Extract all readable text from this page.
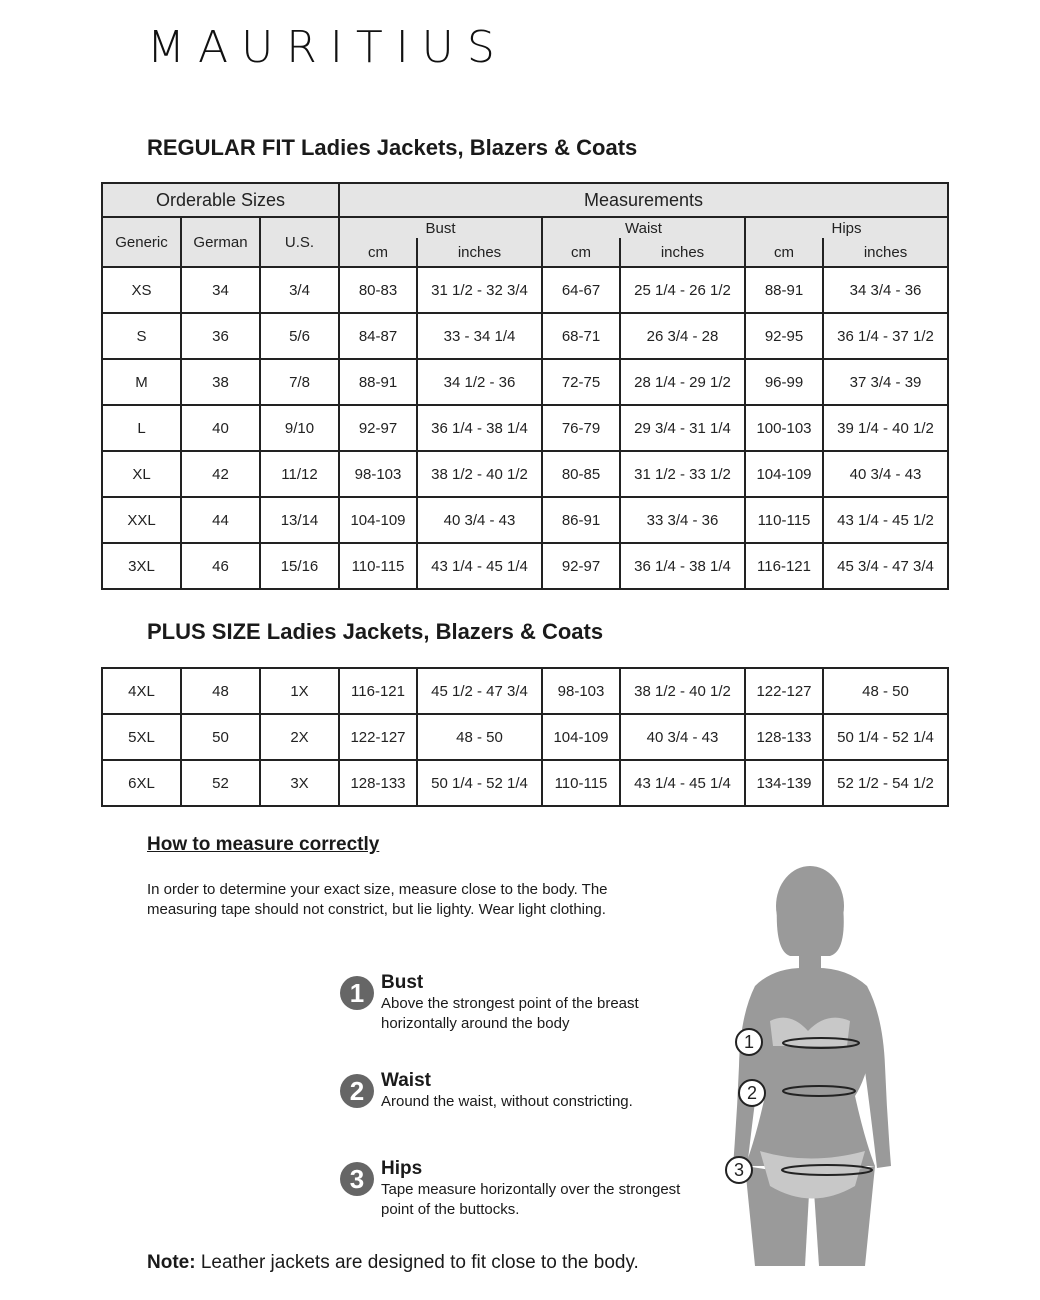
MAURITIUS
REGULAR FIT Ladies Jackets, Blazers & Coats
Orderable Sizes			Measurements					
Generic	German	U.S.	Bust		Waist		Hips	
			cm	inches	cm	inches	cm	inches
XS	34	3/4	80-83	31 1/2 - 32 3/4	64-67	25 1/4 - 26 1/2	88-91	34 3/4 - 36
S	36	5/6	84-87	33 - 34 1/4	68-71	26 3/4 - 28	92-95	36 1/4 - 37 1/2
M	38	7/8	88-91	34 1/2 - 36	72-75	28 1/4 - 29 1/2	96-99	37 3/4 - 39
L	40	9/10	92-97	36 1/4 - 38 1/4	76-79	29 3/4 - 31 1/4	100-103	39 1/4 - 40 1/2
XL	42	11/12	98-103	38 1/2 - 40 1/2	80-85	31 1/2 - 33 1/2	104-109	40 3/4 - 43
XXL	44	13/14	104-109	40 3/4 - 43	86-91	33 3/4 - 36	110-115	43 1/4 - 45 1/2
3XL	46	15/16	110-115	43 1/4 - 45 1/4	92-97	36 1/4 - 38 1/4	116-121	45 3/4 - 47 3/4
PLUS SIZE Ladies Jackets, Blazers & Coats
4XL	48	1X	116-121	45 1/2 - 47 3/4	98-103	38 1/2 - 40 1/2	122-127	48 - 50
5XL	50	2X	122-127	48 - 50	104-109	40 3/4 - 43	128-133	50 1/4 - 52 1/4
6XL	52	3X	128-133	50 1/4 - 52 1/4	110-115	43 1/4 - 45 1/4	134-139	52 1/2 - 54 1/2
How to measure correctly
In order to determine your exact size, measure close to the body. The measuring tape should not constrict, but lie lighty. Wear light clothing.
1 Bust
Above the strongest point of the breast horizontally around the body
2 Waist
Around the waist, without constricting.
3 Hips
Tape measure horizontally over the strongest point of the buttocks.
1
2
3
Note: Leather jackets are designed to fit close to the body.
